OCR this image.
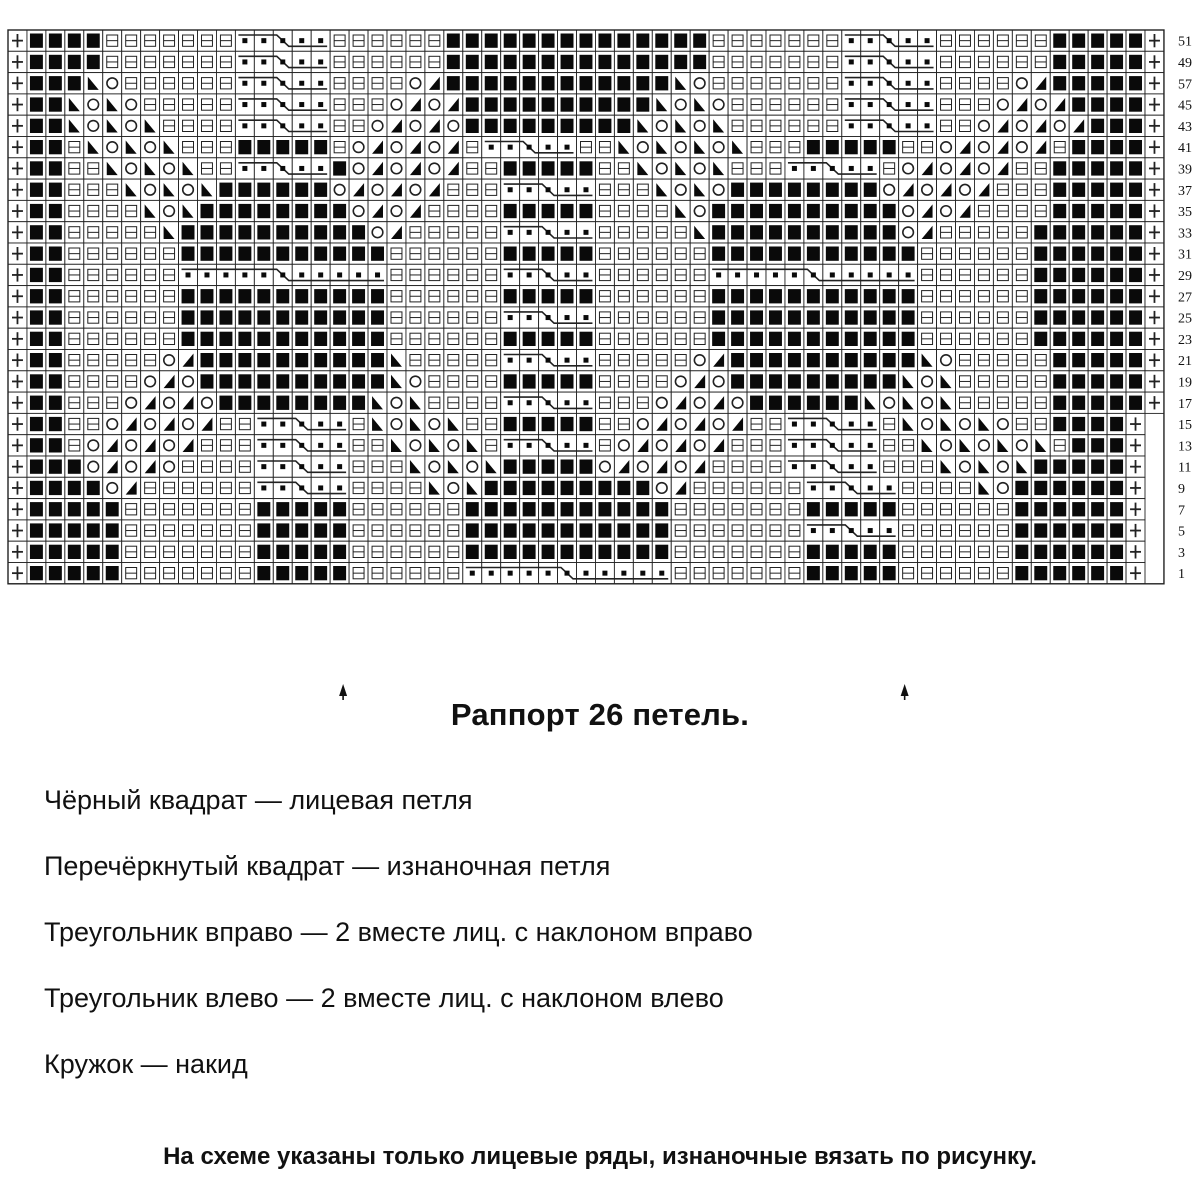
51
49
57
45
43
41
39
37
35
33
31
29
27
25
23
21
19
17
15
13
11
9
7
5
3
1
Раппорт 26 петель.
Чёрный квадрат — лицевая петля
Перечёркнутый квадрат — изнаночная петля
Треугольник вправо — 2 вместе лиц. с наклоном вправо
Треугольник влево — 2 вместе лиц. с наклоном влево
Кружок — накид
На схеме указаны только лицевые ряды, изнаночные вязать по рисунку.
